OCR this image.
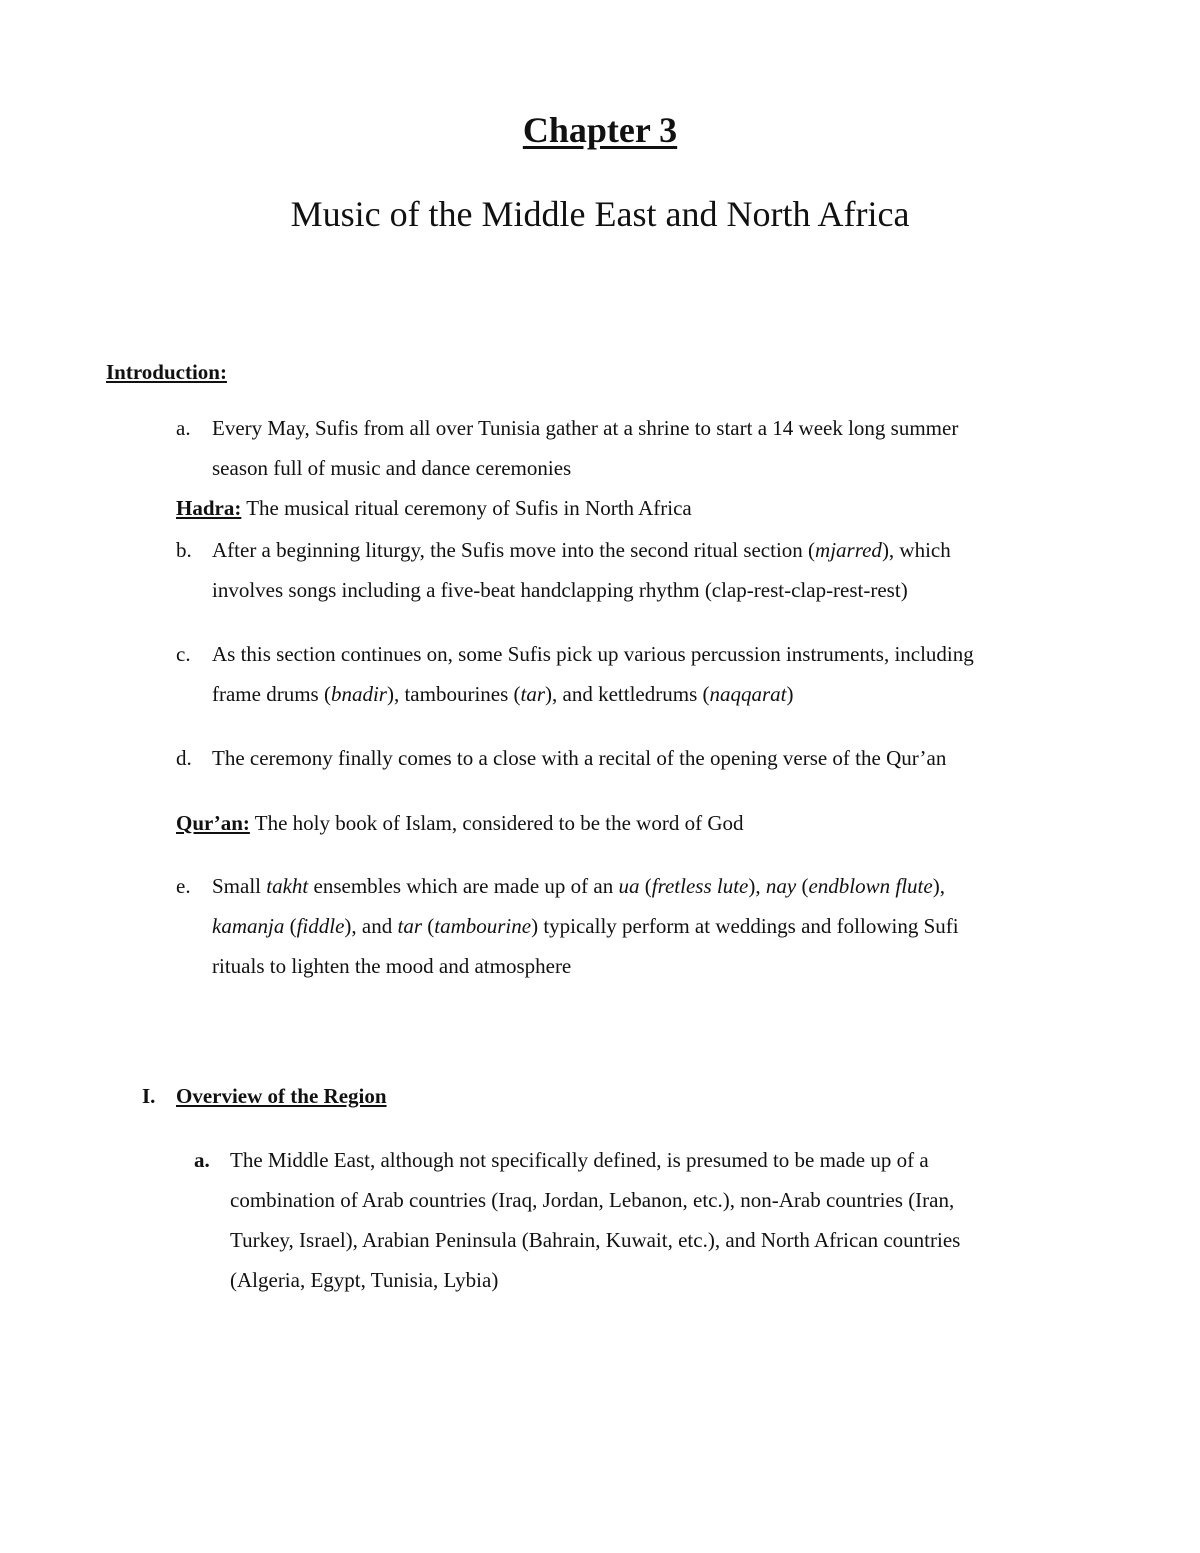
Chapter 3
Music of the Middle East and North Africa
Introduction:
a. Every May, Sufis from all over Tunisia gather at a shrine to start a 14 week long summer
season full of music and dance ceremonies
Hadra: The musical ritual ceremony of Sufis in North Africa
b. After a beginning liturgy, the Sufis move into the second ritual section (mjarred), which
involves songs including a five-beat handclapping rhythm (clap-rest-clap-rest-rest)
c. As this section continues on, some Sufis pick up various percussion instruments, including
frame drums (bnadir), tambourines (tar), and kettledrums (naqqarat)
d. The ceremony finally comes to a close with a recital of the opening verse of the Qur’an
Qur’an: The holy book of Islam, considered to be the word of God
e. Small takht ensembles which are made up of an ua (fretless lute), nay (endblown flute),
kamanja (fiddle), and tar (tambourine) typically perform at weddings and following Sufi
rituals to lighten the mood and atmosphere
I. Overview of the Region
a. The Middle East, although not specifically defined, is presumed to be made up of a
combination of Arab countries (Iraq, Jordan, Lebanon, etc.), non-Arab countries (Iran,
Turkey, Israel), Arabian Peninsula (Bahrain, Kuwait, etc.), and North African countries
(Algeria, Egypt, Tunisia, Lybia)
